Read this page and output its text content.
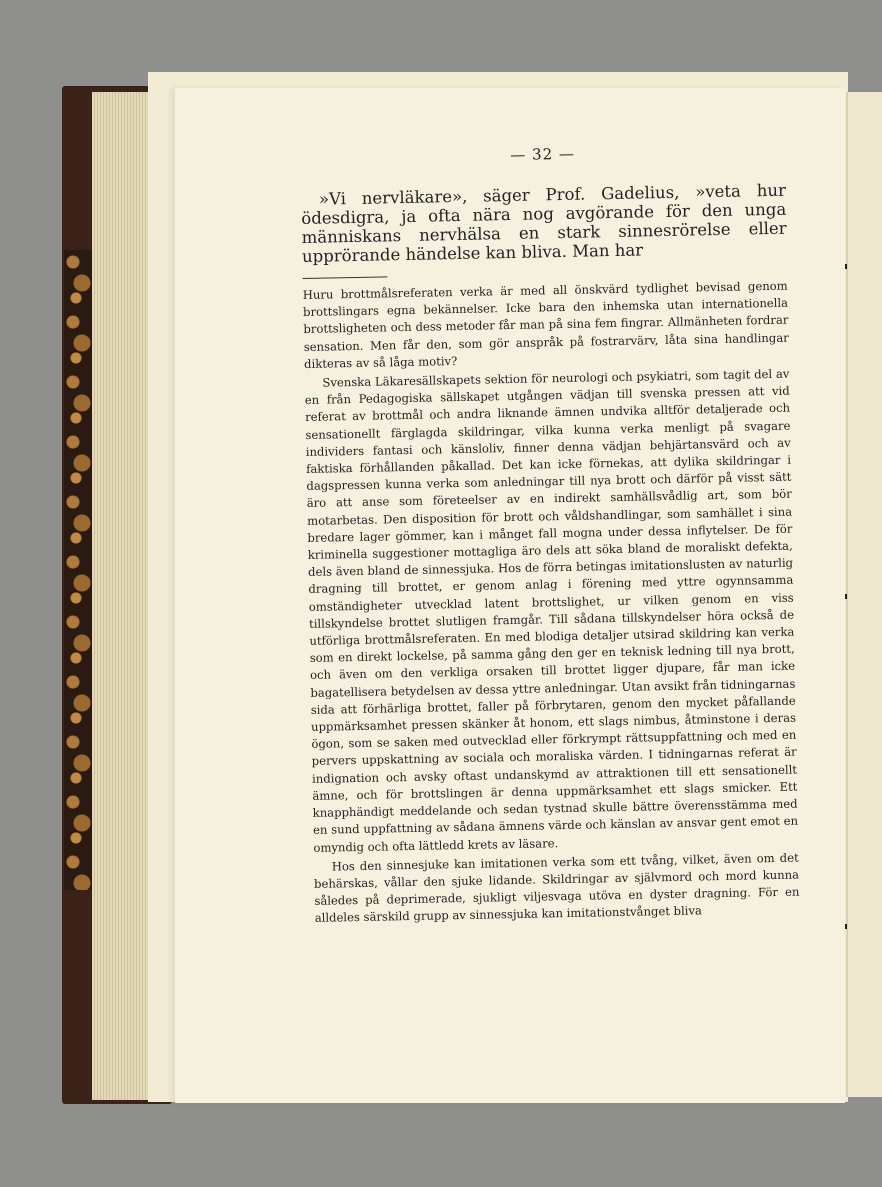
— 32 —

»Vi nervläkare», säger Prof. Gadelius, »veta hur ödesdigra, ja ofta nära nog avgörande för den unga människans nervhälsa en stark sinnesrörelse eller upprörande händelse kan bliva. Man har

Huru brottmålsreferaten verka är med all önskvärd tydlighet bevisad genom brottslingars egna bekännelser. Icke bara den inhemska utan internationella brottsligheten och dess metoder får man på sina fem fingrar. Allmänheten fordrar sensation. Men får den, som gör anspråk på fostrarvärv, låta sina handlingar dikteras av så låga motiv?

Svenska Läkaresällskapets sektion för neurologi och psykiatri, som tagit del av en från Pedagogiska sällskapet utgången vädjan till svenska pressen att vid referat av brottmål och andra liknande ämnen undvika alltför detaljerade och sensationellt färglagda skildringar, vilka kunna verka menligt på svagare individers fantasi och känsloliv, finner denna vädjan behjärtansvärd och av faktiska förhållanden påkallad. Det kan icke förnekas, att dylika skildringar i dagspressen kunna verka som anledningar till nya brott och därför på visst sätt äro att anse som företeelser av en indirekt samhällsvådlig art, som bör motarbetas. Den disposition för brott och våldshandlingar, som samhället i sina bredare lager gömmer, kan i månget fall mogna under dessa inflytelser. De för kriminella suggestioner mottagliga äro dels att söka bland de moraliskt defekta, dels även bland de sinnessjuka. Hos de förra betingas imitationslusten av naturlig dragning till brottet, er genom anlag i förening med yttre ogynnsamma omständigheter utvecklad latent brottslighet, ur vilken genom en viss tillskyndelse brottet slutligen framgår. Till sådana tillskyndelser höra också de utförliga brottmålsreferaten. En med blodiga detaljer utsirad skildring kan verka som en direkt lockelse, på samma gång den ger en teknisk ledning till nya brott, och även om den verkliga orsaken till brottet ligger djupare, får man icke bagatellisera betydelsen av dessa yttre anledningar. Utan avsikt från tidningarnas sida att förhärliga brottet, faller på förbrytaren, genom den mycket påfallande uppmärksamhet pressen skänker åt honom, ett slags nimbus, åtminstone i deras ögon, som se saken med outvecklad eller förkrympt rättsuppfattning och med en pervers uppskattning av sociala och moraliska värden. I tidningarnas referat är indignation och avsky oftast undanskymd av attraktionen till ett sensationellt ämne, och för brottslingen är denna uppmärksamhet ett slags smicker. Ett knapphändigt meddelande och sedan tystnad skulle bättre överensstämma med en sund uppfattning av sådana ämnens värde och känslan av ansvar gent emot en omyndig och ofta lättledd krets av läsare.

Hos den sinnesjuke kan imitationen verka som ett tvång, vilket, även om det behärskas, vållar den sjuke lidande. Skildringar av självmord och mord kunna således på deprimerade, sjukligt viljesvaga utöva en dyster dragning. För en alldeles särskild grupp av sinnessjuka kan imitationstvånget bliva
